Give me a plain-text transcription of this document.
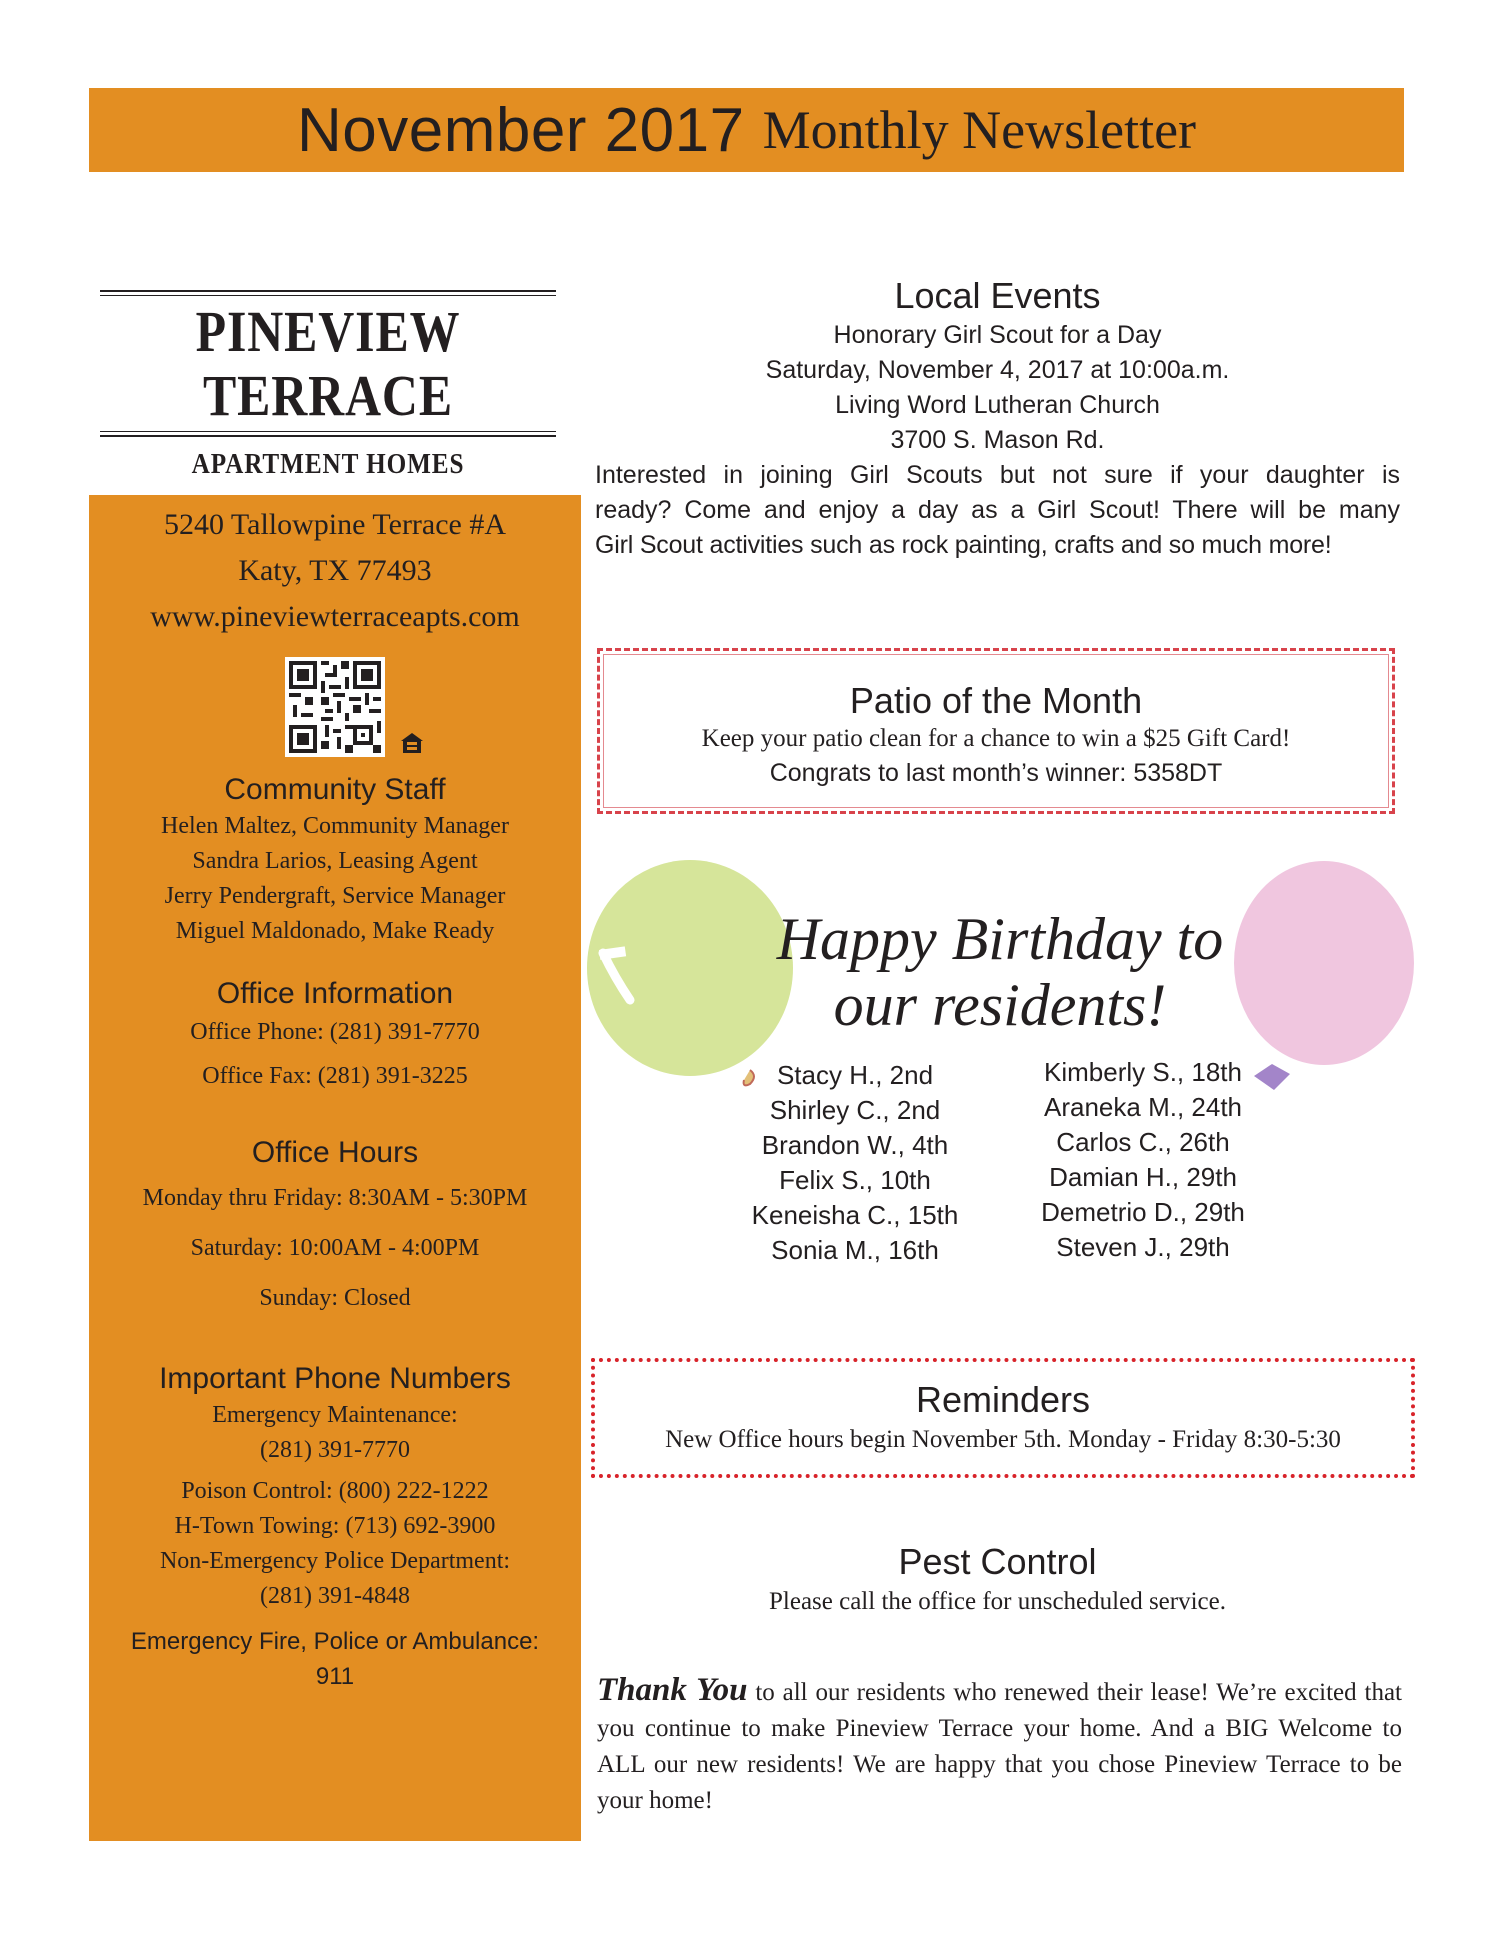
November 2017 Monthly Newsletter
PINEVIEW TERRACE
APARTMENT HOMES
5240 Tallowpine Terrace #A
Katy, TX 77493
www.pineviewterraceapts.com
Community Staff
Helen Maltez, Community Manager
Sandra Larios, Leasing Agent
Jerry Pendergraft, Service Manager
Miguel Maldonado, Make Ready
Office Information
Office Phone: (281) 391-7770
Office Fax: (281) 391-3225
Office Hours
Monday thru Friday: 8:30AM - 5:30PM
Saturday: 10:00AM - 4:00PM
Sunday: Closed
Important Phone Numbers
Emergency Maintenance:
(281) 391-7770
Poison Control: (800) 222-1222
H-Town Towing: (713) 692-3900
Non-Emergency Police Department:
(281) 391-4848
Emergency Fire, Police or Ambulance:
911
Local Events
Honorary Girl Scout for a Day
Saturday, November 4, 2017 at 10:00a.m.
Living Word Lutheran Church
3700 S. Mason Rd.
Interested in joining Girl Scouts but not sure if your daughter is
ready? Come and enjoy a day as a Girl Scout! There will be many
Girl Scout activities such as rock painting, crafts and so much more!
Patio of the Month
Keep your patio clean for a chance to win a $25 Gift Card!
Congrats to last month’s winner: 5358DT
Happy Birthday to
our residents!
Stacy H., 2nd
Shirley C., 2nd
Brandon W., 4th
Felix S., 10th
Keneisha C., 15th
Sonia M., 16th
Kimberly S., 18th
Araneka M., 24th
Carlos C., 26th
Damian H., 29th
Demetrio D., 29th
Steven J., 29th
Reminders
New Office hours begin November 5th. Monday - Friday 8:30-5:30
Pest Control
Please call the office for unscheduled service.
Thank You to all our residents who renewed their lease! We’re excited that you continue to make Pineview Terrace your home. And a BIG Welcome to ALL our new residents! We are happy that you chose Pineview Terrace to be your home!
